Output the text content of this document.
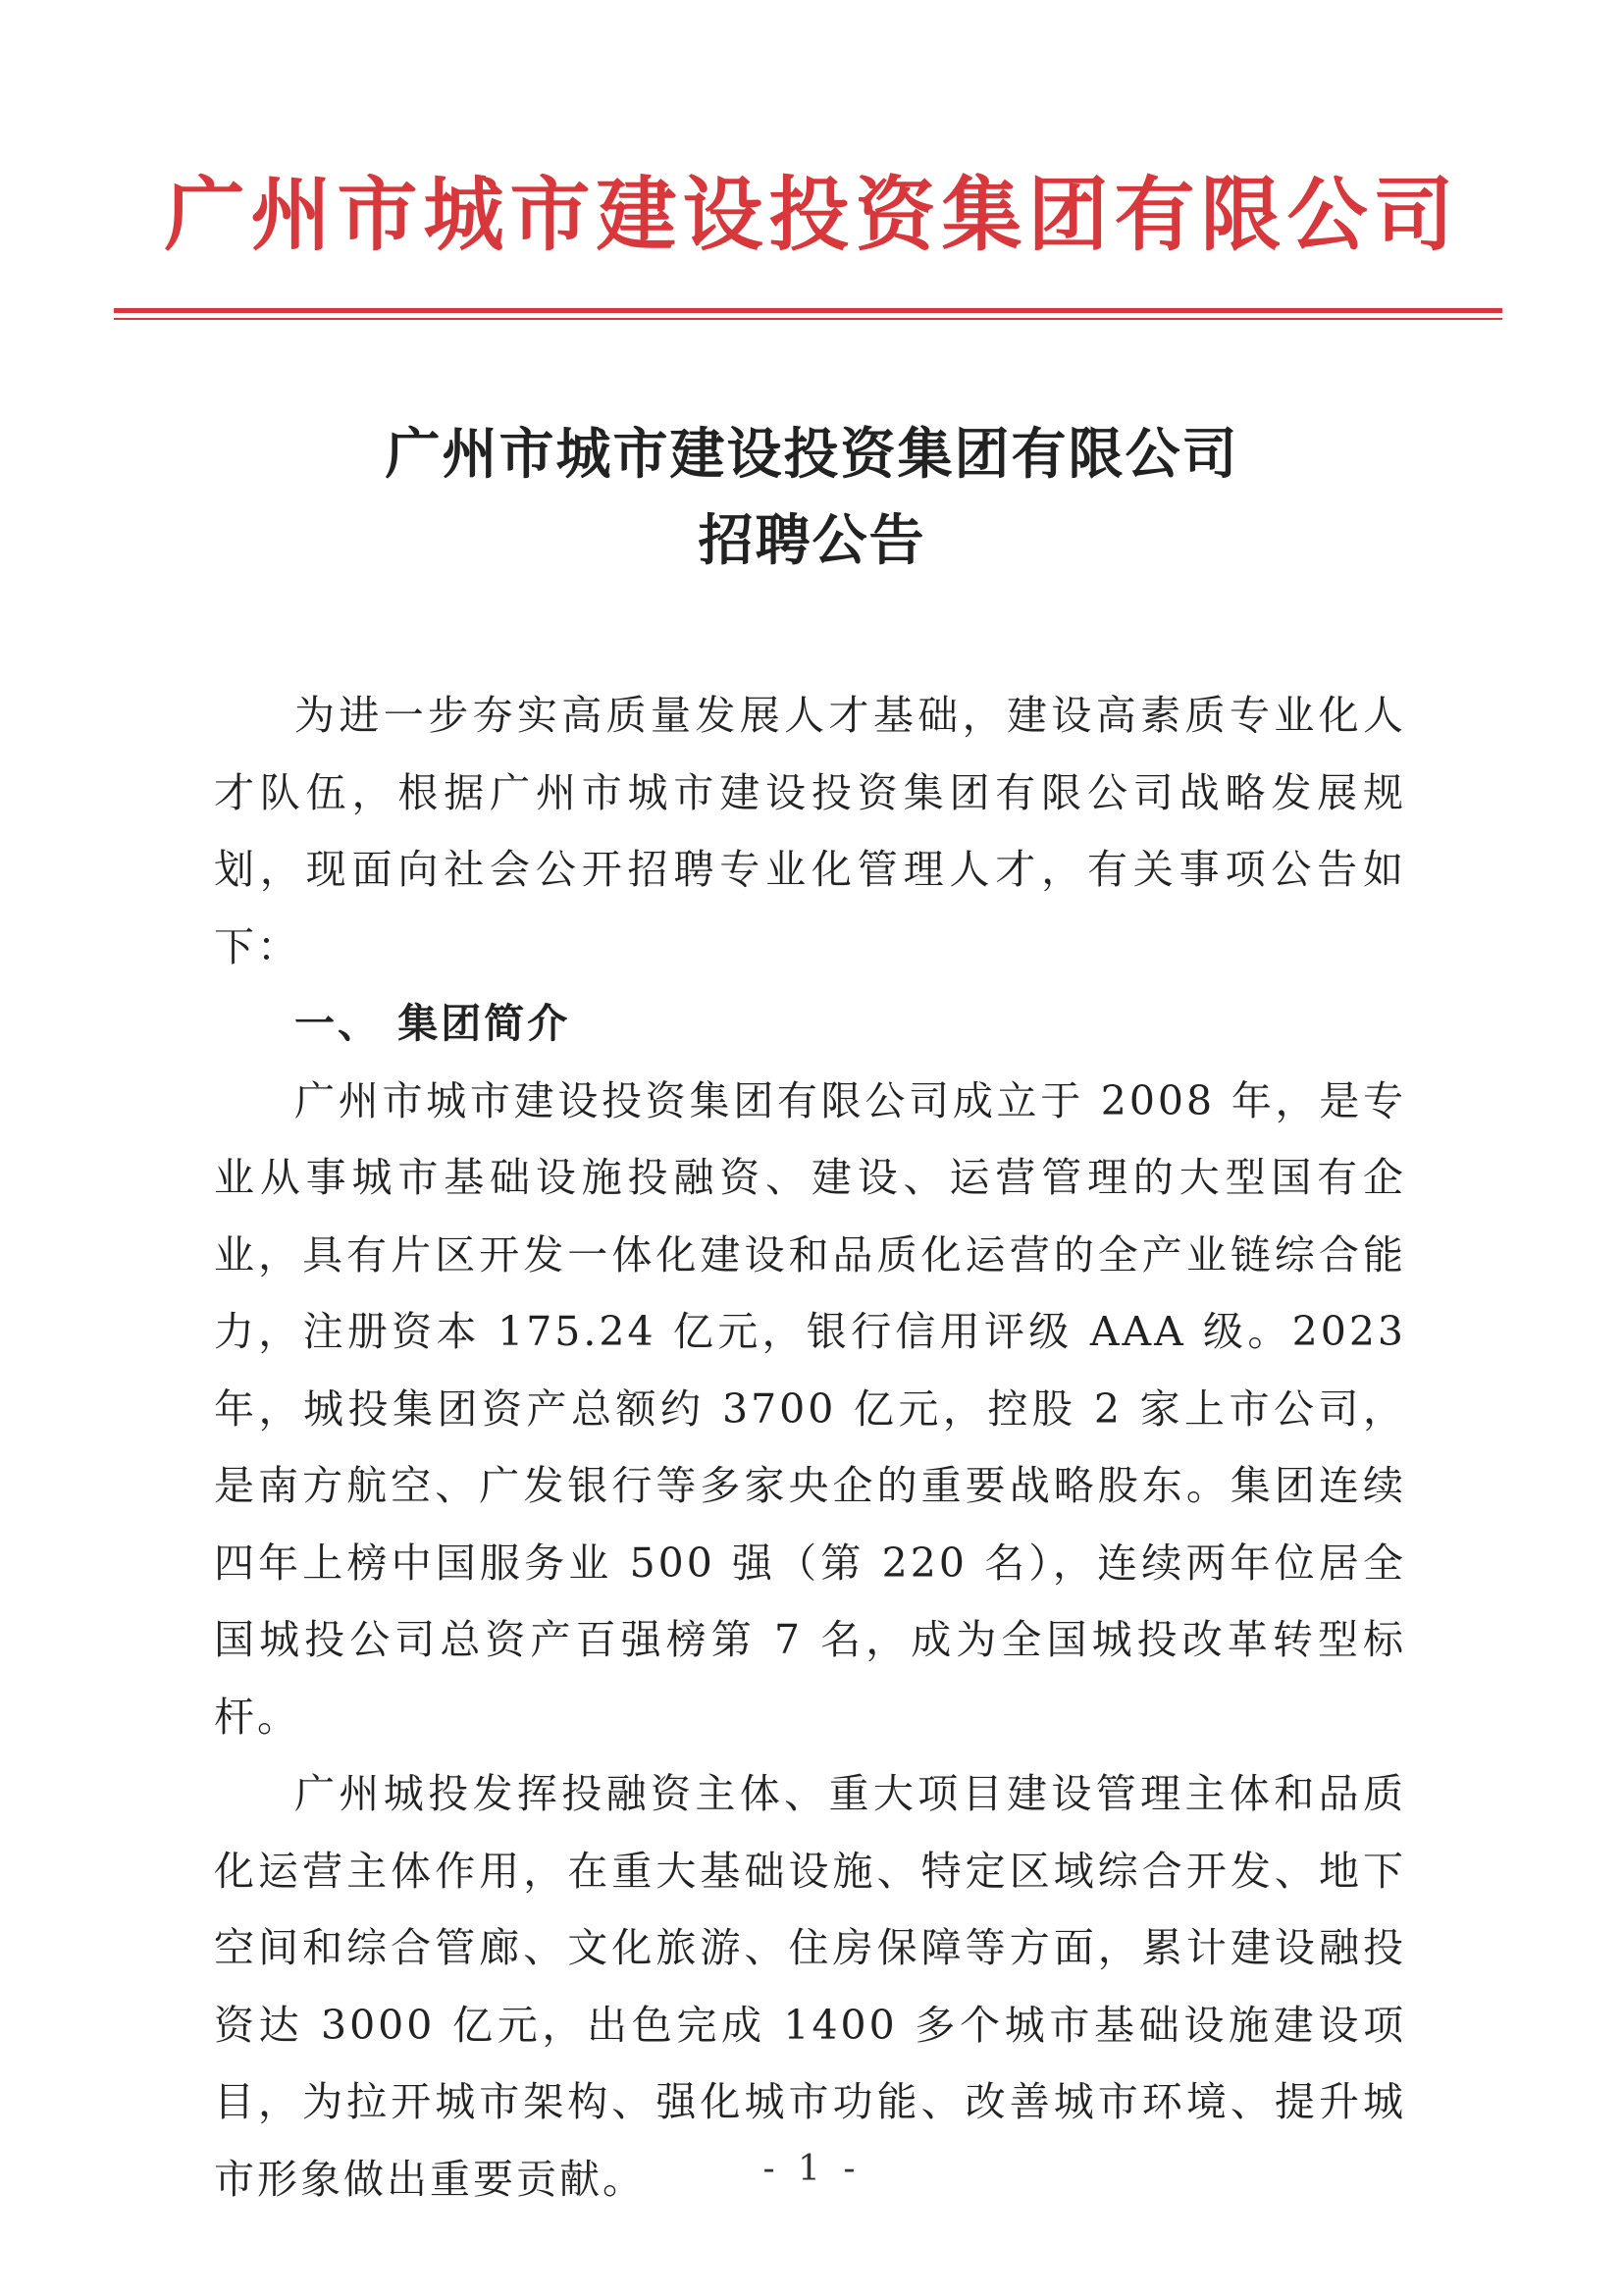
广州市城市建设投资集团有限公司
广州市城市建设投资集团有限公司
招聘公告

为进一步夯实高质量发展人才基础，建设高素质专业化人才队伍，根据广州市城市建设投资集团有限公司战略发展规划，现面向社会公开招聘专业化管理人才，有关事项公告如下：

一、 集团简介

广州市城市建设投资集团有限公司成立于 2008 年，是专业从事城市基础设施投融资、建设、运营管理的大型国有企业，具有片区开发一体化建设和品质化运营的全产业链综合能力，注册资本 175.24 亿元，银行信用评级 AAA 级。2023 年，城投集团资产总额约 3700 亿元，控股 2 家上市公司，是南方航空、广发银行等多家央企的重要战略股东。集团连续四年上榜中国服务业 500 强（第 220 名），连续两年位居全国城投公司总资产百强榜第 7 名，成为全国城投改革转型标杆。

广州城投发挥投融资主体、重大项目建设管理主体和品质化运营主体作用，在重大基础设施、特定区域综合开发、地下空间和综合管廊、文化旅游、住房保障等方面，累计建设融投资达 3000 亿元，出色完成 1400 多个城市基础设施建设项目，为拉开城市架构、强化城市功能、改善城市环境、提升城市形象做出重要贡献。	- 1 -
